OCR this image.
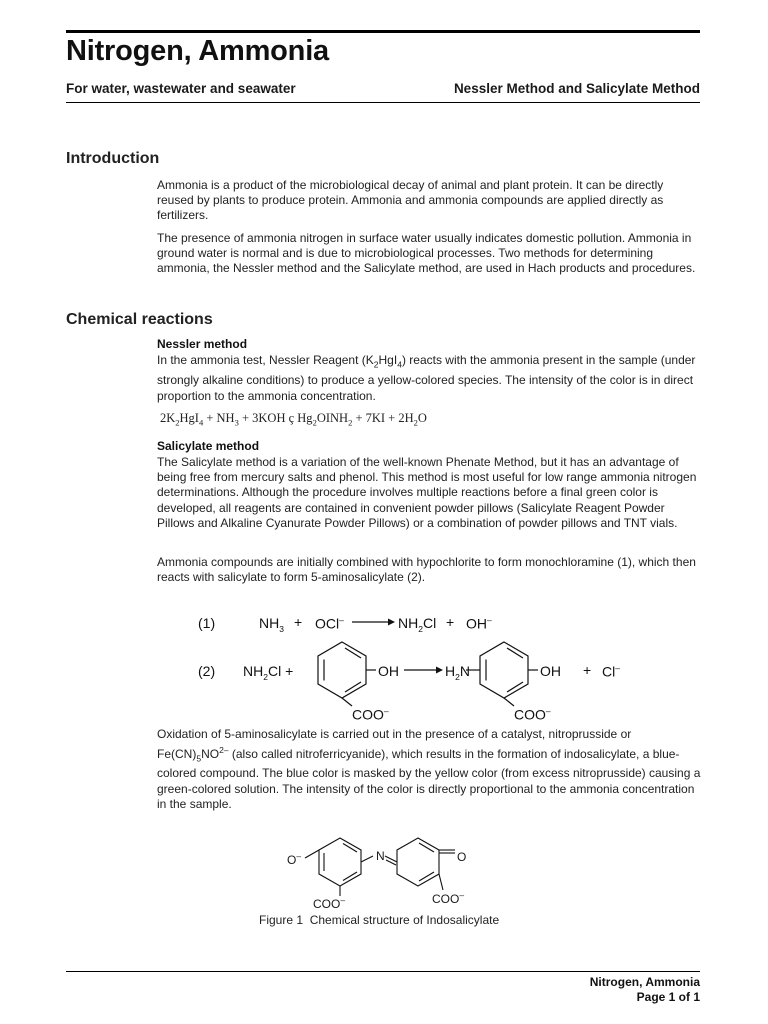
Nitrogen, Ammonia
For water, wastewater and seawater	Nessler Method and Salicylate Method
Introduction
Ammonia is a product of the microbiological decay of animal and plant protein. It can be directly reused by plants to produce protein. Ammonia and ammonia compounds are applied directly as fertilizers.
The presence of ammonia nitrogen in surface water usually indicates domestic pollution. Ammonia in ground water is normal and is due to microbiological processes. Two methods for determining ammonia, the Nessler method and the Salicylate method, are used in Hach products and procedures.
Chemical reactions
Nessler method
In the ammonia test, Nessler Reagent $(K_2HgI_4)$ reacts with the ammonia present in the sample (under strongly alkaline conditions) to produce a yellow-colored species. The intensity of the color is in direct proportion to the ammonia concentration.
$2K_2HgI_4 + NH_3 + 3KOH$ ç $Hg_2OINH_2 + 7KI + 2H_2O$
Salicylate method
The Salicylate method is a variation of the well-known Phenate Method, but it has an advantage of being free from mercury salts and phenol. This method is most useful for low range ammonia nitrogen determinations. Although the procedure involves multiple reactions before a final green color is developed, all reagents are contained in convenient powder pillows (Salicylate Reagent Powder Pillows and Alkaline Cyanurate Powder Pillows) or a combination of powder pillows and TNT vials.
Ammonia compounds are initially combined with hypochlorite to form monochloramine (1), which then reacts with salicylate to form 5-aminosalicylate (2).
(1)	$NH_3 + OCl^- \to NH_2Cl + OH^-$
(2) $NH_2Cl$ +	OH
COO–
$H_2N$	OH + Cl–
COO–
Oxidation of 5-aminosalicylate is carried out in the presence of a catalyst, nitroprusside or
$Fe(CN)_5NO^{2-}$ (also called nitroferricyanide), which results in the formation of indosalicylate, a blue-colored compound. The blue color is masked by the yellow color (from excess nitroprusside) causing a green-colored solution. The intensity of the color is directly proportional to the ammonia concentration in the sample.
O–	N	O
COO–	COO–
Figure 1 Chemical structure of Indosalicylate
Nitrogen, Ammonia
Page 1 of 1
